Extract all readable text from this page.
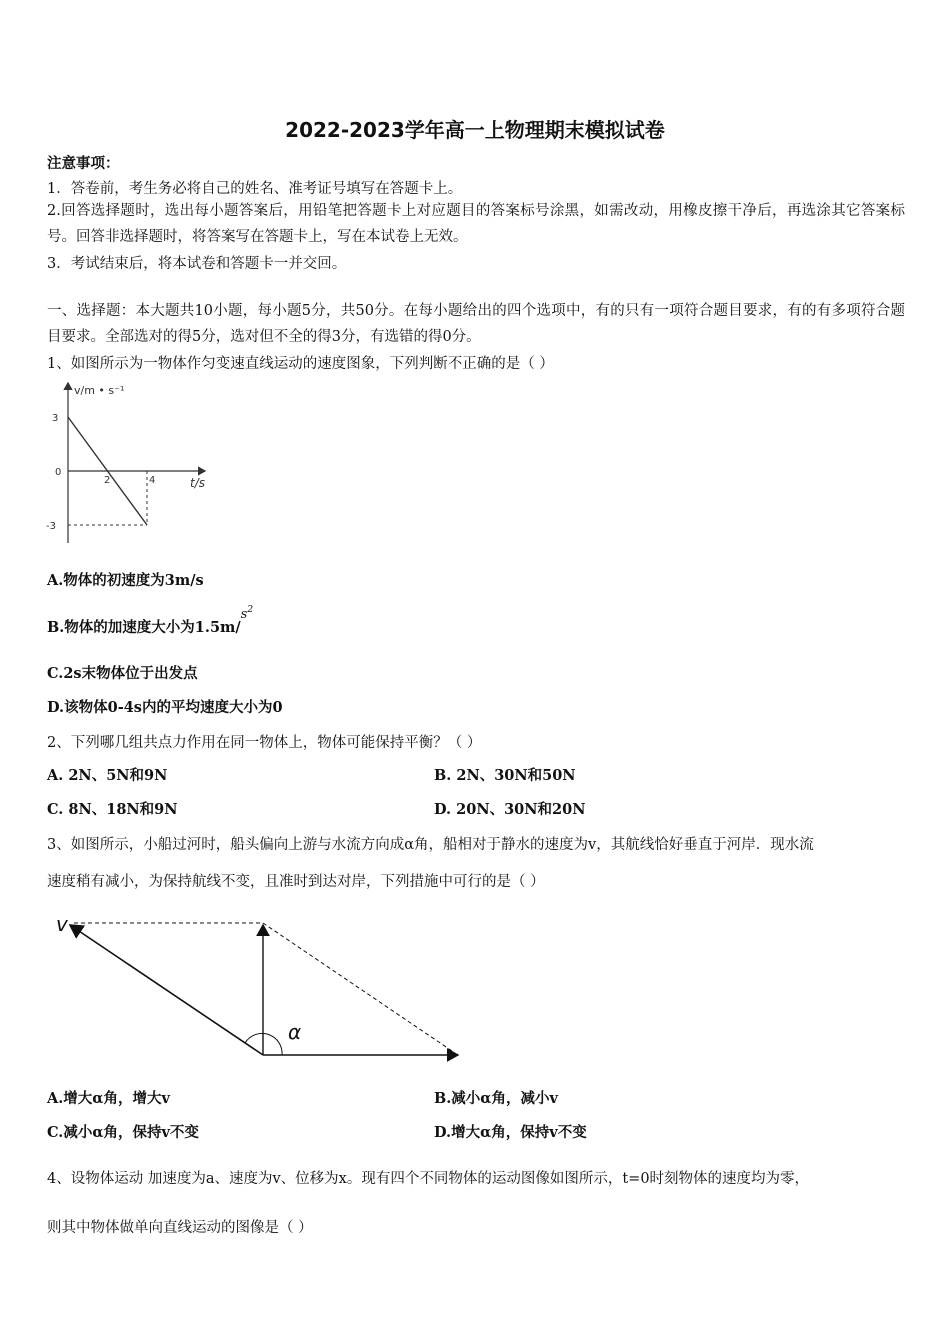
2022-2023学年高一上物理期末模拟试卷
注意事项：
1．答卷前，考生务必将自己的姓名、准考证号填写在答题卡上。
2.回答选择题时，选出每小题答案后，用铅笔把答题卡上对应题目的答案标号涂黑，如需改动，用橡皮擦干净后，再选涂其它答案标号。回答非选择题时，将答案写在答题卡上，写在本试卷上无效。
3．考试结束后，将本试卷和答题卡一并交回。
一、选择题：本大题共10小题，每小题5分，共50分。在每小题给出的四个选项中，有的只有一项符合题目要求，有的有多项符合题目要求。全部选对的得5分，选对但不全的得3分，有选错的得0分。
1、如图所示为一物体作匀变速直线运动的速度图象，下列判断不正确的是（ ）
v/m • s⁻¹
t/s
0
3
-3
2	4
A.物体的初速度为3m/s
B.物体的加速度大小为$1.5m/s^2$
C.2s末物体位于出发点
D.该物体0-4s内的平均速度大小为0
2、下列哪几组共点力作用在同一物体上，物体可能保持平衡？（ ）
A. 2N、5N和9N	B. 2N、30N和50N
C. 8N、18N和9N	D. 20N、30N和20N
3、如图所示，小船过河时，船头偏向上游与水流方向成α角，船相对于静水的速度为v，其航线恰好垂直于河岸．现水流
速度稍有减小，为保持航线不变，且准时到达对岸，下列措施中可行的是（ ）
v
α
A.增大α角，增大v	B.减小α角，减小v
C.减小α角，保持v不变	D.增大α角，保持v不变
4、设物体运动 加速度为a、速度为v、位移为x。现有四个不同物体的运动图像如图所示，t=0时刻物体的速度均为零，
则其中物体做单向直线运动的图像是（ ）
